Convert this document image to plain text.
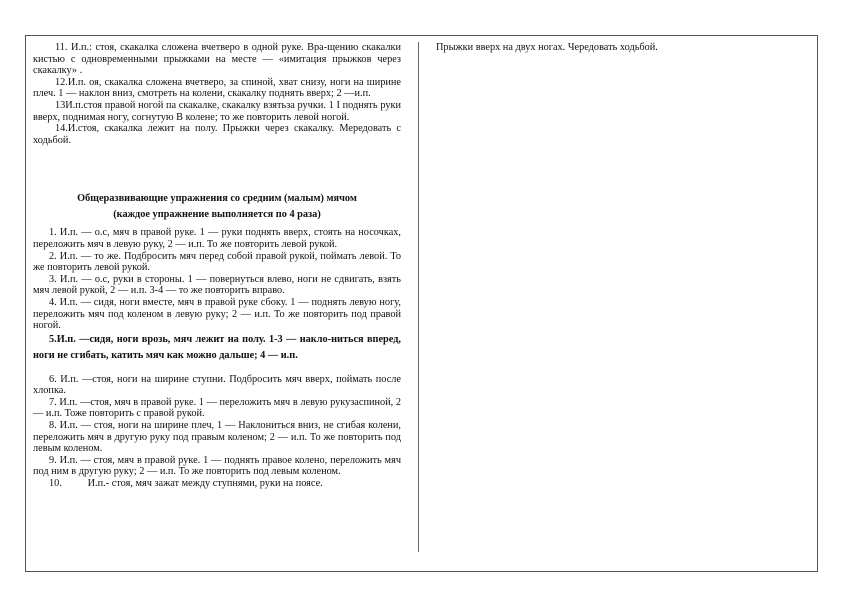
11. И.п.: стоя, скакалка сложена вчетверо в одной руке. Вра-щению скакалки кистью с одновременными прыжками на месте — «имитация прыжков через скакалку» .

12.И.п. оя, скакалка сложена вчетверо, за спиной, хват снизу, ноги на ширине плеч. 1 — наклон вниз, смотреть на колени, скакалку поднять вверх; 2 —и.п.

13И.п.стоя правой ногой па скакалке, скакалку взятьза ручки. 1 I поднять руки вверх, поднимая ногу, согнутую В колене; то же повторить левой ногой.

14.И.стоя, скакалка лежит на полу. Прыжки через скакалку. Мередовать с ходьбой.

Общеразвивающие упражнения со средним (малым) мячом

(каждое упражнение выполняется по 4 раза)

1. И.п. — о.с, мяч в правой руке. 1 — руки поднять вверх, стоять на носочках, переложить мяч в левую руку, 2 — и.п. То же повторить левой рукой.

2. И.п. — то же. Подбросить мяч перед собой правой рукой, поймать левой. То же повторить левой рукой.

3. И.п. — о.с, руки в стороны. 1 — повернуться влево, ноги не сдвигать, взять мяч левой рукой, 2 — и.п. 3-4 — то же повторить вправо.

4. И.п. — сидя, ноги вместе, мяч в правой руке сбоку. 1 — поднять левую ногу, переложить мяч под коленом в левую руку; 2 — и.п. То же повторить под правой ногой.

5.И.п. —сидя, ноги врозь, мяч лежит на полу. 1-3 — накло-ниться вперед, ноги не сгибать, катить мяч как можно дальше; 4 — и.п.

6. И.п. —стоя, ноги на ширине ступни. Подбросить мяч вверх, поймать после хлопка.

7. И.п. —стоя, мяч в правой руке. 1 — переложить мяч в левую рукузаспиной, 2 — и.п. Тоже повторить с правой рукой.

8. И.п. — стоя, ноги на ширине плеч, 1 — Наклониться вниз, не сгибая колени, переложить мяч в другую руку под правым коленом; 2 — и.п. То же повторить под левым коленом.

9. И.п. — стоя, мяч в правой руке. 1 — поднять правое колено, переложить мяч под ним в другую руку; 2 — и.п. То же повторить под левым коленом.

10.          И.п.- стоя, мяч зажат между ступнями, руки на поясе.

Прыжки вверх на двух ногах. Чередовать ходьбой.
